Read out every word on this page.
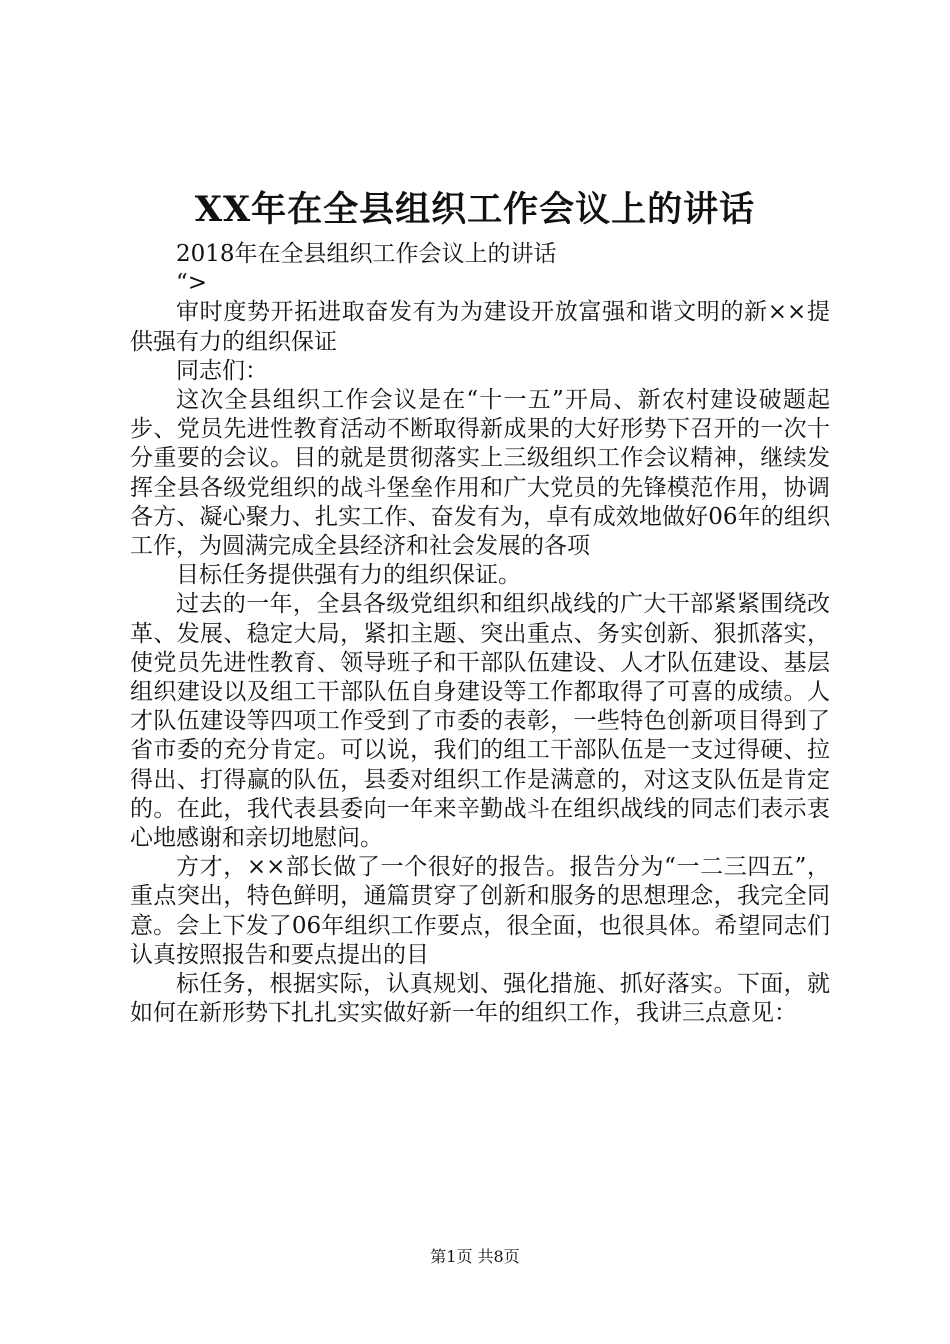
XX年在全县组织工作会议上的讲话

2018年在全县组织工作会议上的讲话

“>

审时度势开拓进取奋发有为为建设开放富强和谐文明的新××提供强有力的组织保证

同志们：

这次全县组织工作会议是在“十一五”开局、新农村建设破题起步、党员先进性教育活动不断取得新成果的大好形势下召开的一次十分重要的会议。目的就是贯彻落实上三级组织工作会议精神，继续发挥全县各级党组织的战斗堡垒作用和广大党员的先锋模范作用，协调各方、凝心聚力、扎实工作、奋发有为，卓有成效地做好06年的组织工作，为圆满完成全县经济和社会发展的各项

目标任务提供强有力的组织保证。

过去的一年，全县各级党组织和组织战线的广大干部紧紧围绕改革、发展、稳定大局，紧扣主题、突出重点、务实创新、狠抓落实，使党员先进性教育、领导班子和干部队伍建设、人才队伍建设、基层组织建设以及组工干部队伍自身建设等工作都取得了可喜的成绩。人才队伍建设等四项工作受到了市委的表彰，一些特色创新项目得到了省市委的充分肯定。可以说，我们的组工干部队伍是一支过得硬、拉得出、打得赢的队伍，县委对组织工作是满意的，对这支队伍是肯定的。在此，我代表县委向一年来辛勤战斗在组织战线的同志们表示衷心地感谢和亲切地慰问。

方才，××部长做了一个很好的报告。报告分为“一二三四五”，重点突出，特色鲜明，通篇贯穿了创新和服务的思想理念，我完全同意。会上下发了06年组织工作要点，很全面，也很具体。希望同志们认真按照报告和要点提出的目

标任务，根据实际，认真规划、强化措施、抓好落实。下面，就如何在新形势下扎扎实实做好新一年的组织工作，我讲三点意见：

第1页 共8页
